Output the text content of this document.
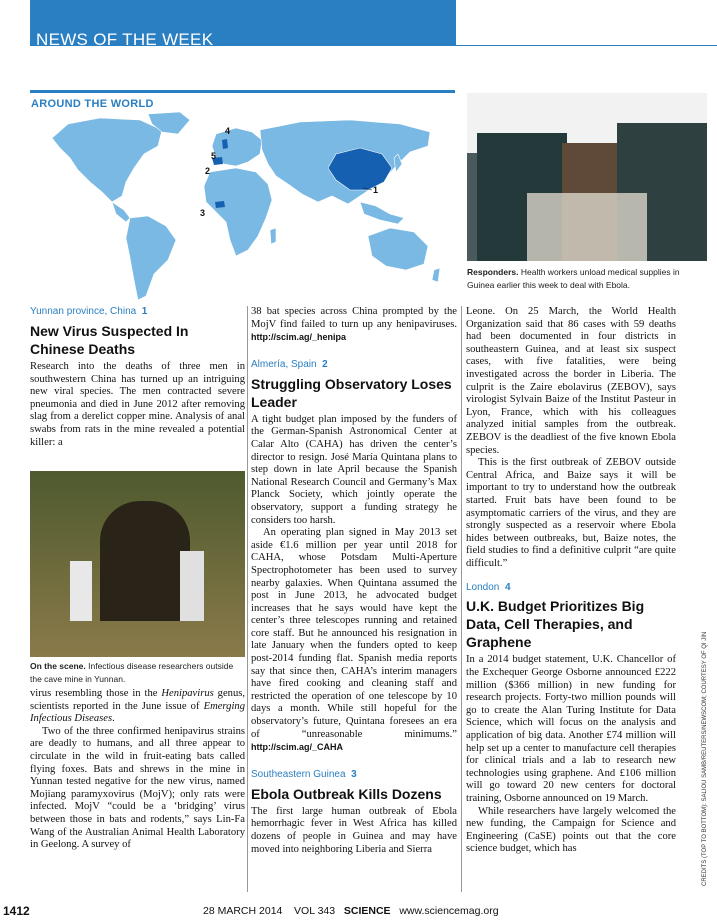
NEWS OF THE WEEK
AROUND THE WORLD
1
2
3
4
5
Responders. Health workers unload medical supplies in Guinea earlier this week to deal with Ebola.
On the scene. Infectious disease researchers outside the cave mine in Yunnan.
Yunnan province, China 1
New Virus Suspected In Chinese Deaths

Research into the deaths of three men in southwestern China has turned up an intriguing new viral species. The men contracted severe pneumonia and died in June 2012 after removing slag from a derelict copper mine. Analysis of anal swabs from rats in the mine revealed a potential killer: a

virus resembling those in the Henipavirus genus, scientists reported in the June issue of Emerging Infectious Diseases.

Two of the three confirmed henipavirus strains are deadly to humans, and all three appear to circulate in the wild in fruit-eating bats called flying foxes. Bats and shrews in the mine in Yunnan tested negative for the new virus, named Mojiang paramyxovirus (MojV); only rats were infected. MojV “could be a ‘bridging’ virus between those in bats and rodents,” says Lin-Fa Wang of the Australian Animal Health Laboratory in Geelong. A survey of

38 bat species across China prompted by the MojV find failed to turn up any henipaviruses. http://scim.ag/_henipa

Almería, Spain 2
Struggling Observatory Loses Leader

A tight budget plan imposed by the funders of the German-Spanish Astronomical Center at Calar Alto (CAHA) has driven the center’s director to resign. José María Quintana plans to step down in late April because the Spanish National Research Council and Germany’s Max Planck Society, which jointly operate the observatory, support a funding strategy he considers too harsh.

An operating plan signed in May 2013 set aside €1.6 million per year until 2018 for CAHA, whose Potsdam Multi-Aperture Spectrophotometer has been used to survey nearby galaxies. When Quintana assumed the post in June 2013, he advocated budget increases that he says would have kept the center’s three telescopes running and retained core staff. But he announced his resignation in late January when the funders opted to keep post-2014 funding flat. Spanish media reports say that since then, CAHA’s interim managers have fired cooking and cleaning staff and restricted the operation of one telescope by 10 days a month. While still hopeful for the observatory’s future, Quintana foresees an era of “unreasonable minimums.” http://scim.ag/_CAHA

Southeastern Guinea 3
Ebola Outbreak Kills Dozens

The first large human outbreak of Ebola hemorrhagic fever in West Africa has killed dozens of people in Guinea and may have moved into neighboring Liberia and Sierra

Leone. On 25 March, the World Health Organization said that 86 cases with 59 deaths had been documented in four districts in southeastern Guinea, and at least six suspect cases, with five fatalities, were being investigated across the border in Liberia. The culprit is the Zaire ebolavirus (ZEBOV), says virologist Sylvain Baize of the Institut Pasteur in Lyon, France, which with his colleagues analyzed initial samples from the outbreak. ZEBOV is the deadliest of the five known Ebola species.

This is the first outbreak of ZEBOV outside Central Africa, and Baize says it will be important to try to understand how the outbreak started. Fruit bats have been found to be asymptomatic carriers of the virus, and they are strongly suspected as a reservoir where Ebola hides between outbreaks, but, Baize notes, the field studies to find a definitive culprit “are quite difficult.”

London 4
U.K. Budget Prioritizes Big Data, Cell Therapies, and Graphene

In a 2014 budget statement, U.K. Chancellor of the Exchequer George Osborne announced £222 million ($366 million) in new funding for research projects. Forty-two million pounds will go to create the Alan Turing Institute for Data Science, which will focus on the analysis and application of big data. Another £74 million will help set up a center to manufacture cell therapies for clinical trials and a lab to research new technologies using graphene. And £106 million will go toward 20 new centers for doctoral training, Osborne announced on 19 March.

While researchers have largely welcomed the new funding, the Campaign for Science and Engineering (CaSE) points out that the core science budget, which has	CREDITS (TOP TO BOTTOM): SALIOU SAMB/REUTERS/NEWSCOM; COURTESY OF QI JIN
1412	28 MARCH 2014    VOL 343 SCIENCE www.sciencemag.org
